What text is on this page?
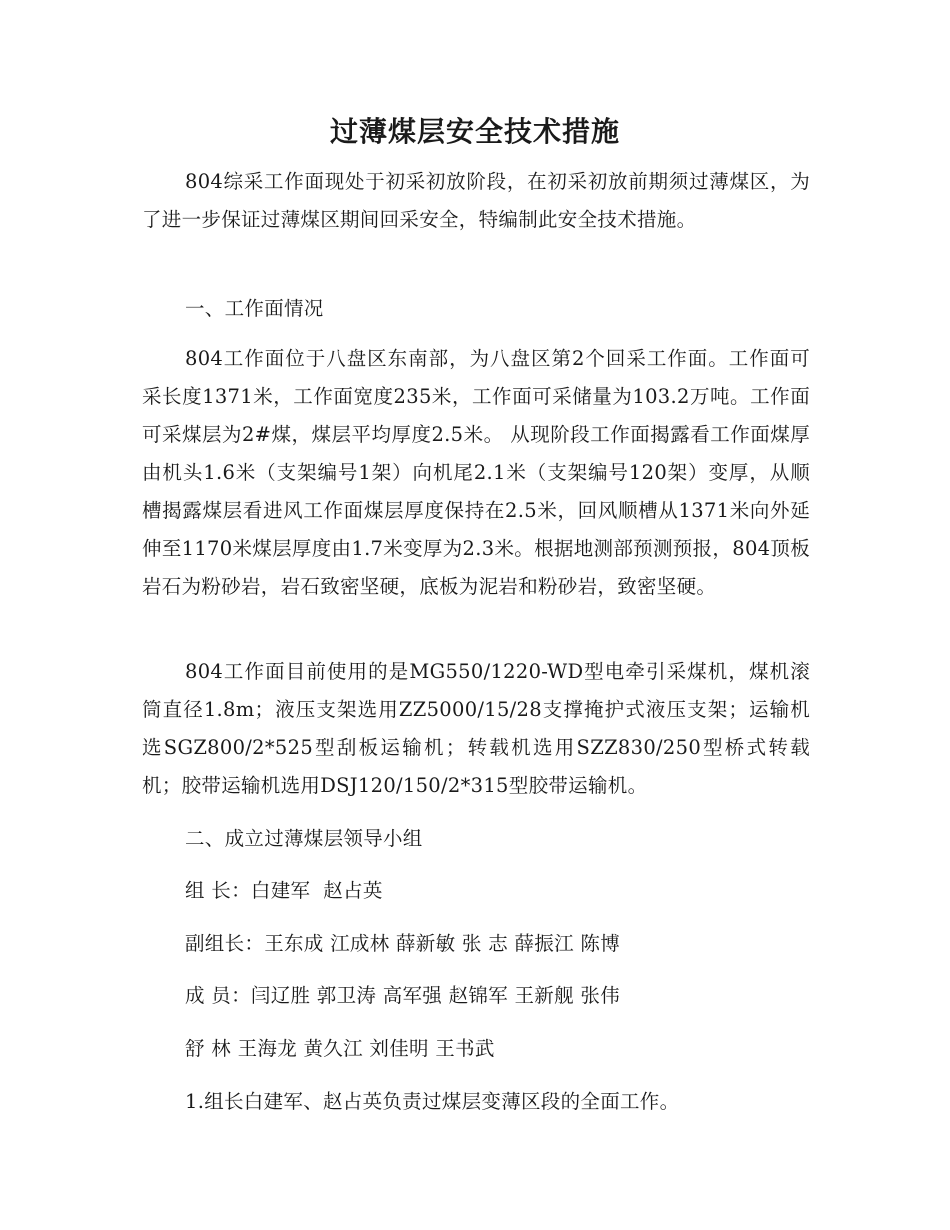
过薄煤层安全技术措施

804综采工作面现处于初采初放阶段，在初采初放前期须过薄煤区，为了进一步保证过薄煤区期间回采安全，特编制此安全技术措施。

一、工作面情况

804工作面位于八盘区东南部，为八盘区第2个回采工作面。工作面可采长度1371米，工作面宽度235米，工作面可采储量为103.2万吨。工作面可采煤层为2#煤，煤层平均厚度2.5米。 从现阶段工作面揭露看工作面煤厚由机头1.6米（支架编号1架）向机尾2.1米（支架编号120架）变厚，从顺槽揭露煤层看进风工作面煤层厚度保持在2.5米，回风顺槽从1371米向外延伸至1170米煤层厚度由1.7米变厚为2.3米。根据地测部预测预报，804顶板岩石为粉砂岩，岩石致密坚硬，底板为泥岩和粉砂岩，致密坚硬。

804工作面目前使用的是MG550/1220-WD型电牵引采煤机，煤机滚筒直径1.8m；液压支架选用ZZ5000/15/28支撑掩护式液压支架；运输机选SGZ800/2*525型刮板运输机；转载机选用SZZ830/250型桥式转载机；胶带运输机选用DSJ120/150/2*315型胶带运输机。

二、成立过薄煤层领导小组
组 长：白建军  赵占英
副组长：王东成 江成林 薛新敏 张 志 薛振江 陈博
成 员：闫辽胜 郭卫涛 高军强 赵锦军 王新舰 张伟
舒 林 王海龙 黄久江 刘佳明 王书武
1.组长白建军、赵占英负责过煤层变薄区段的全面工作。
